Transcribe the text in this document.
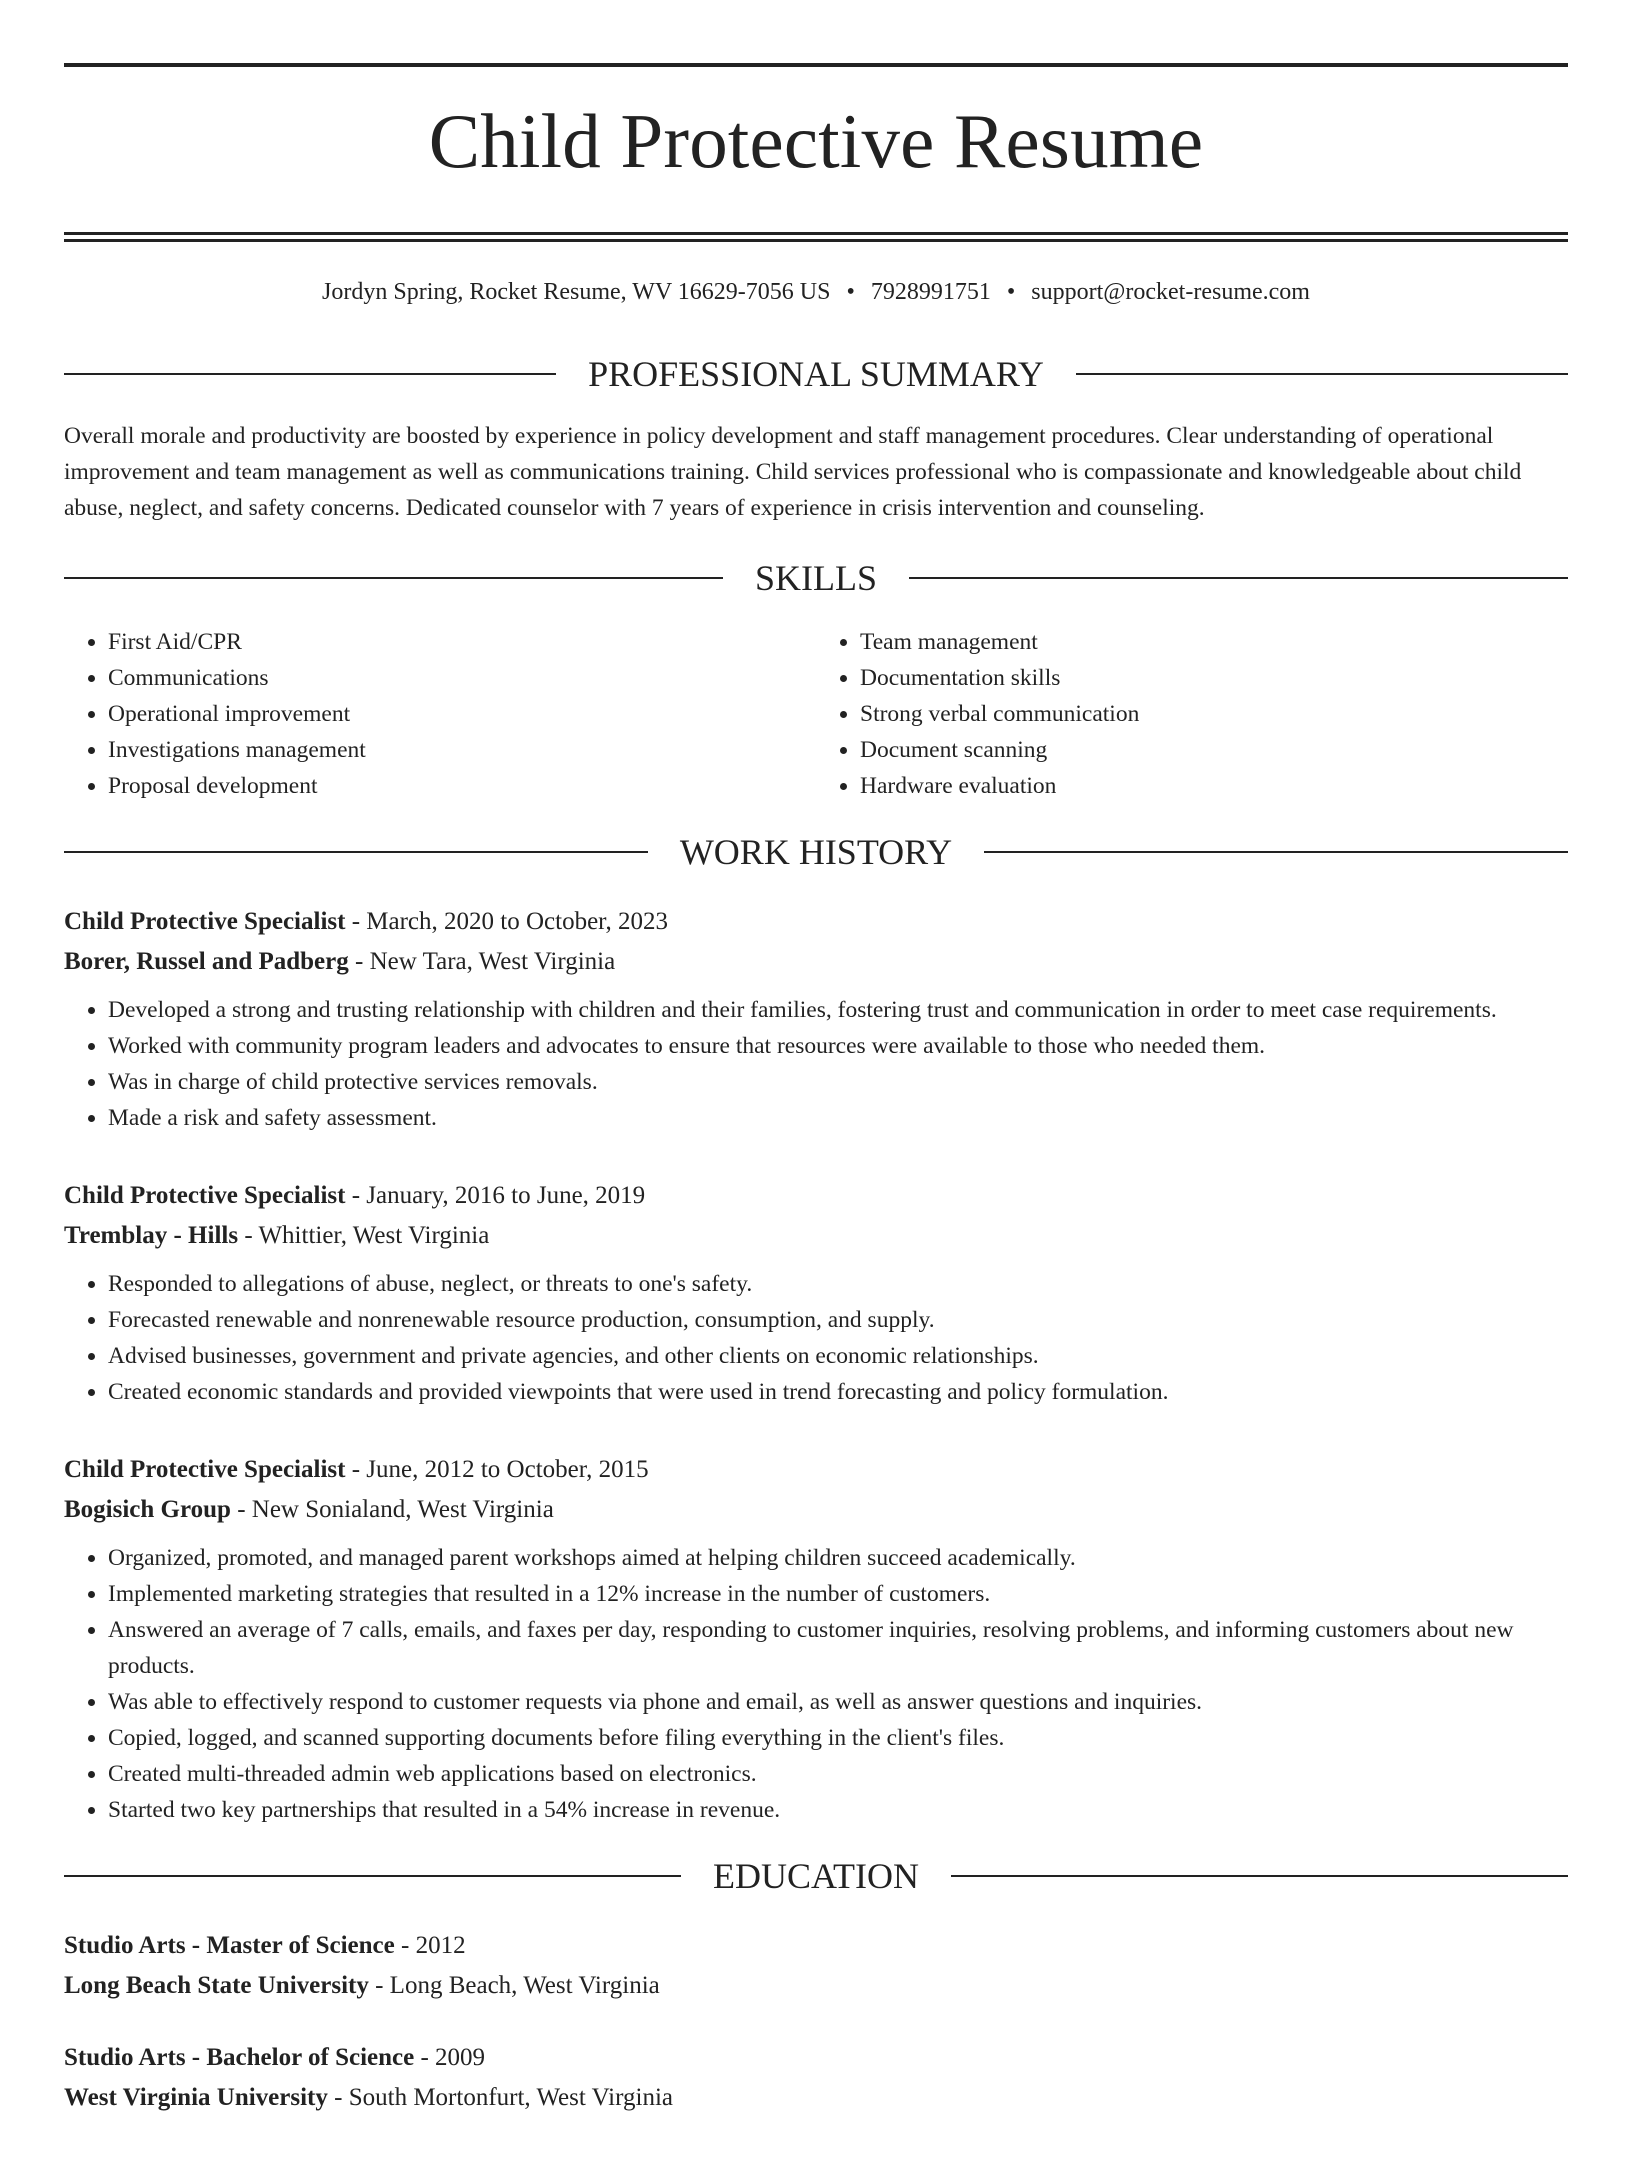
Child Protective Resume
Jordyn Spring, Rocket Resume, WV 16629-7056 US • 7928991751 • support@rocket-resume.com
PROFESSIONAL SUMMARY

Overall morale and productivity are boosted by experience in policy development and staff management procedures. Clear understanding of operational improvement and team management as well as communications training. Child services professional who is compassionate and knowledgeable about child abuse, neglect, and safety concerns. Dedicated counselor with 7 years of experience in crisis intervention and counseling.

SKILLS
• First Aid/CPR
• Communications
• Operational improvement
• Investigations management
• Proposal development
• Team management
• Documentation skills
• Strong verbal communication
• Document scanning
• Hardware evaluation
WORK HISTORY
Child Protective Specialist - March, 2020 to October, 2023
Borer, Russel and Padberg - New Tara, West Virginia
• Developed a strong and trusting relationship with children and their families, fostering trust and communication in order to meet case requirements.
• Worked with community program leaders and advocates to ensure that resources were available to those who needed them.
• Was in charge of child protective services removals.
• Made a risk and safety assessment.
Child Protective Specialist - January, 2016 to June, 2019
Tremblay - Hills - Whittier, West Virginia
• Responded to allegations of abuse, neglect, or threats to one's safety.
• Forecasted renewable and nonrenewable resource production, consumption, and supply.
• Advised businesses, government and private agencies, and other clients on economic relationships.
• Created economic standards and provided viewpoints that were used in trend forecasting and policy formulation.
Child Protective Specialist - June, 2012 to October, 2015
Bogisich Group - New Sonialand, West Virginia
• Organized, promoted, and managed parent workshops aimed at helping children succeed academically.
• Implemented marketing strategies that resulted in a 12% increase in the number of customers.
• Answered an average of 7 calls, emails, and faxes per day, responding to customer inquiries, resolving problems, and informing customers about new products.
• Was able to effectively respond to customer requests via phone and email, as well as answer questions and inquiries.
• Copied, logged, and scanned supporting documents before filing everything in the client's files.
• Created multi-threaded admin web applications based on electronics.
• Started two key partnerships that resulted in a 54% increase in revenue.
EDUCATION
Studio Arts - Master of Science - 2012
Long Beach State University - Long Beach, West Virginia
Studio Arts - Bachelor of Science - 2009
West Virginia University - South Mortonfurt, West Virginia
